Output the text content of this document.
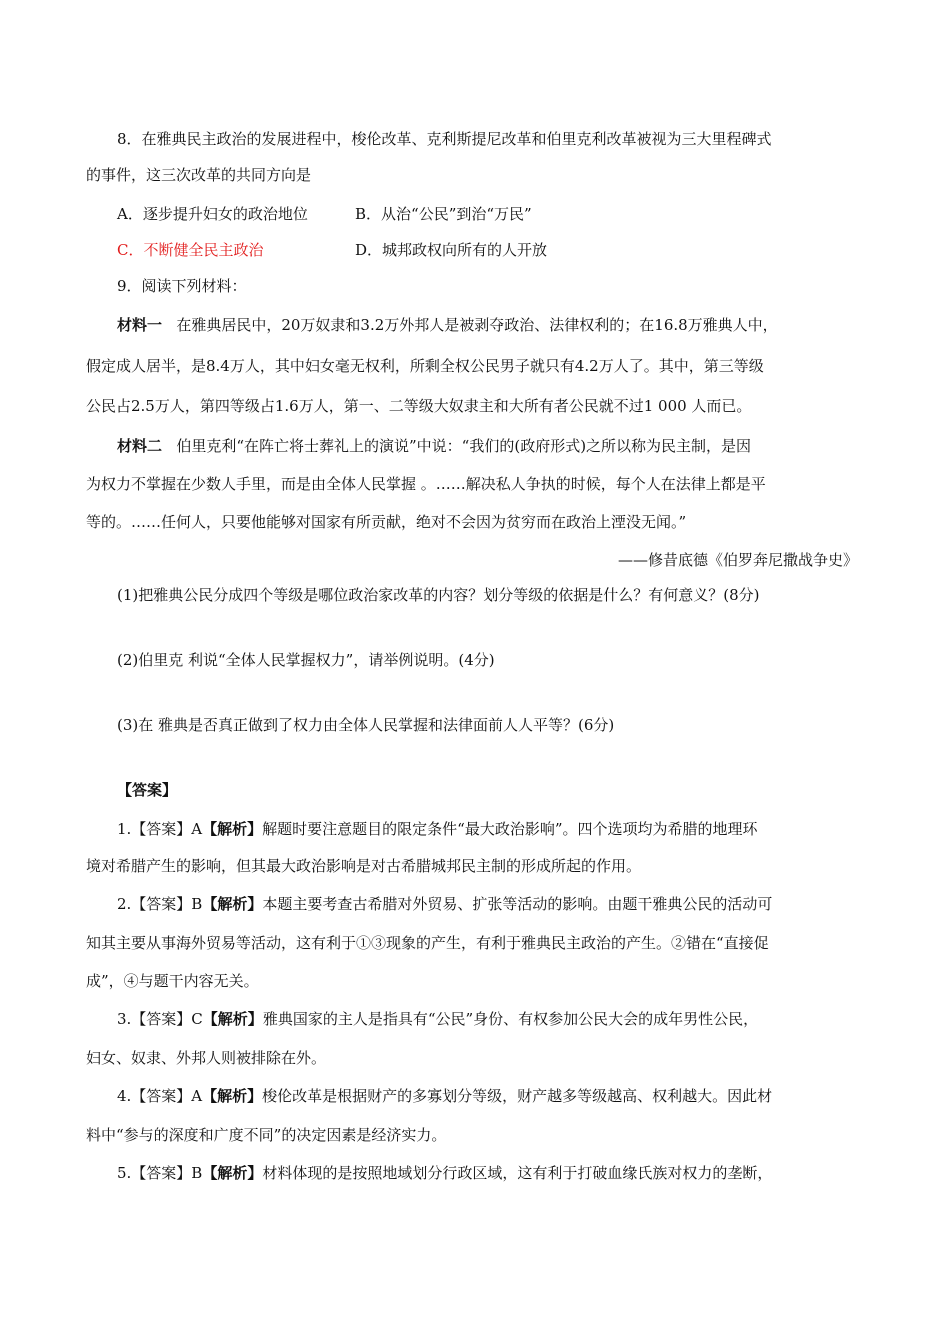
8．在雅典民主政治的发展进程中，梭伦改革、克利斯提尼改革和伯里克利改革被视为三大里程碑式
的事件，这三次改革的共同方向是
A．逐步提升妇女的政治地位	B．从治“公民”到治“万民”
C．不断健全民主政治	D．城邦政权向所有的人开放
9．阅读下列材料：
材料一 在雅典居民中，20万奴隶和3.2万外邦人是被剥夺政治、法律权利的；在16.8万雅典人中，
假定成人居半，是8.4万人，其中妇女毫无权利，所剩全权公民男子就只有4.2万人了。其中，第三等级
公民占2.5万人，第四等级占1.6万人，第一、二等级大奴隶主和大所有者公民就不过1 000 人而已。
材料二 伯里克利“在阵亡将士葬礼上的演说”中说：“我们的(政府形式)之所以称为民主制，是因
为权力不掌握在少数人手里，而是由全体人民掌握 。……解决私人争执的时候，每个人在法律上都是平
等的。……任何人，只要他能够对国家有所贡献，绝对不会因为贫穷而在政治上湮没无闻。”
——修昔底德《伯罗奔尼撒战争史》
(1)把雅典公民分成四个等级是哪位政治家改革的内容？划分等级的依据是什么？有何意义？(8分)
(2)伯里克 利说“全体人民掌握权力”，请举例说明。(4分)
(3)在 雅典是否真正做到了权力由全体人民掌握和法律面前人人平等？(6分)
【答案】
1.【答案】A【解析】解题时要注意题目的限定条件“最大政治影响”。四个选项均为希腊的地理环
境对希腊产生的影响，但其最大政治影响是对古希腊城邦民主制的形成所起的作用。
2.【答案】B【解析】本题主要考查古希腊对外贸易、扩张等活动的影响。由题干雅典公民的活动可
知其主要从事海外贸易等活动，这有利于①③现象的产生，有利于雅典民主政治的产生。②错在“直接促
成”，④与题干内容无关。
3.【答案】C【解析】雅典国家的主人是指具有“公民”身份、有权参加公民大会的成年男性公民，
妇女、奴隶、外邦人则被排除在外。
4.【答案】A【解析】梭伦改革是根据财产的多寡划分等级，财产越多等级越高、权利越大。因此材
料中“参与的深度和广度不同”的决定因素是经济实力。
5.【答案】B【解析】材料体现的是按照地域划分行政区域，这有利于打破血缘氏族对权力的垄断，
